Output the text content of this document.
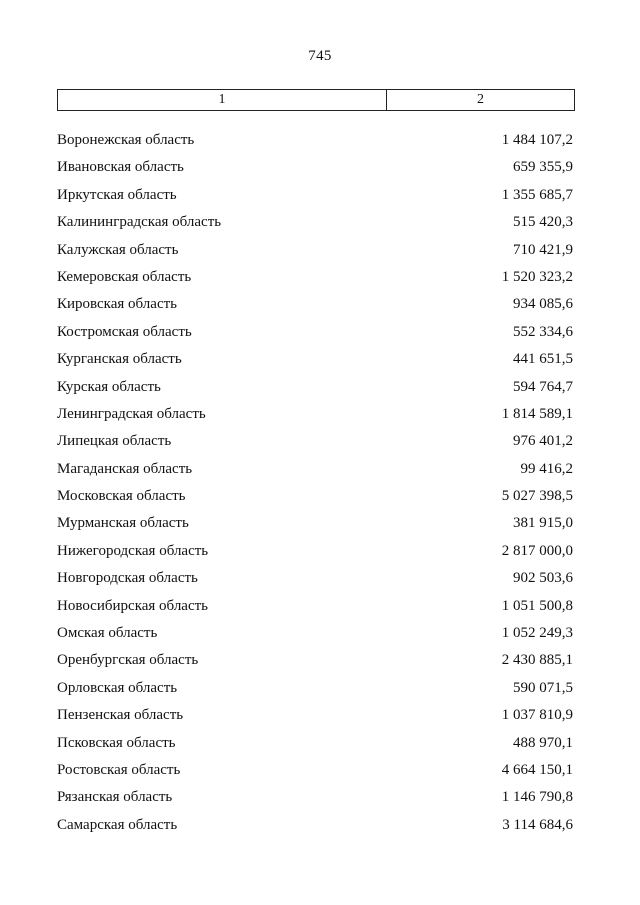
745
1	2
Воронежская область	1 484 107,2
Ивановская область	659 355,9
Иркутская область	1 355 685,7
Калининградская область	515 420,3
Калужская область	710 421,9
Кемеровская область	1 520 323,2
Кировская область	934 085,6
Костромская область	552 334,6
Курганская область	441 651,5
Курская область	594 764,7
Ленинградская область	1 814 589,1
Липецкая область	976 401,2
Магаданская область	99 416,2
Московская область	5 027 398,5
Мурманская область	381 915,0
Нижегородская область	2 817 000,0
Новгородская область	902 503,6
Новосибирская область	1 051 500,8
Омская область	1 052 249,3
Оренбургская область	2 430 885,1
Орловская область	590 071,5
Пензенская область	1 037 810,9
Псковская область	488 970,1
Ростовская область	4 664 150,1
Рязанская область	1 146 790,8
Самарская область	3 114 684,6
